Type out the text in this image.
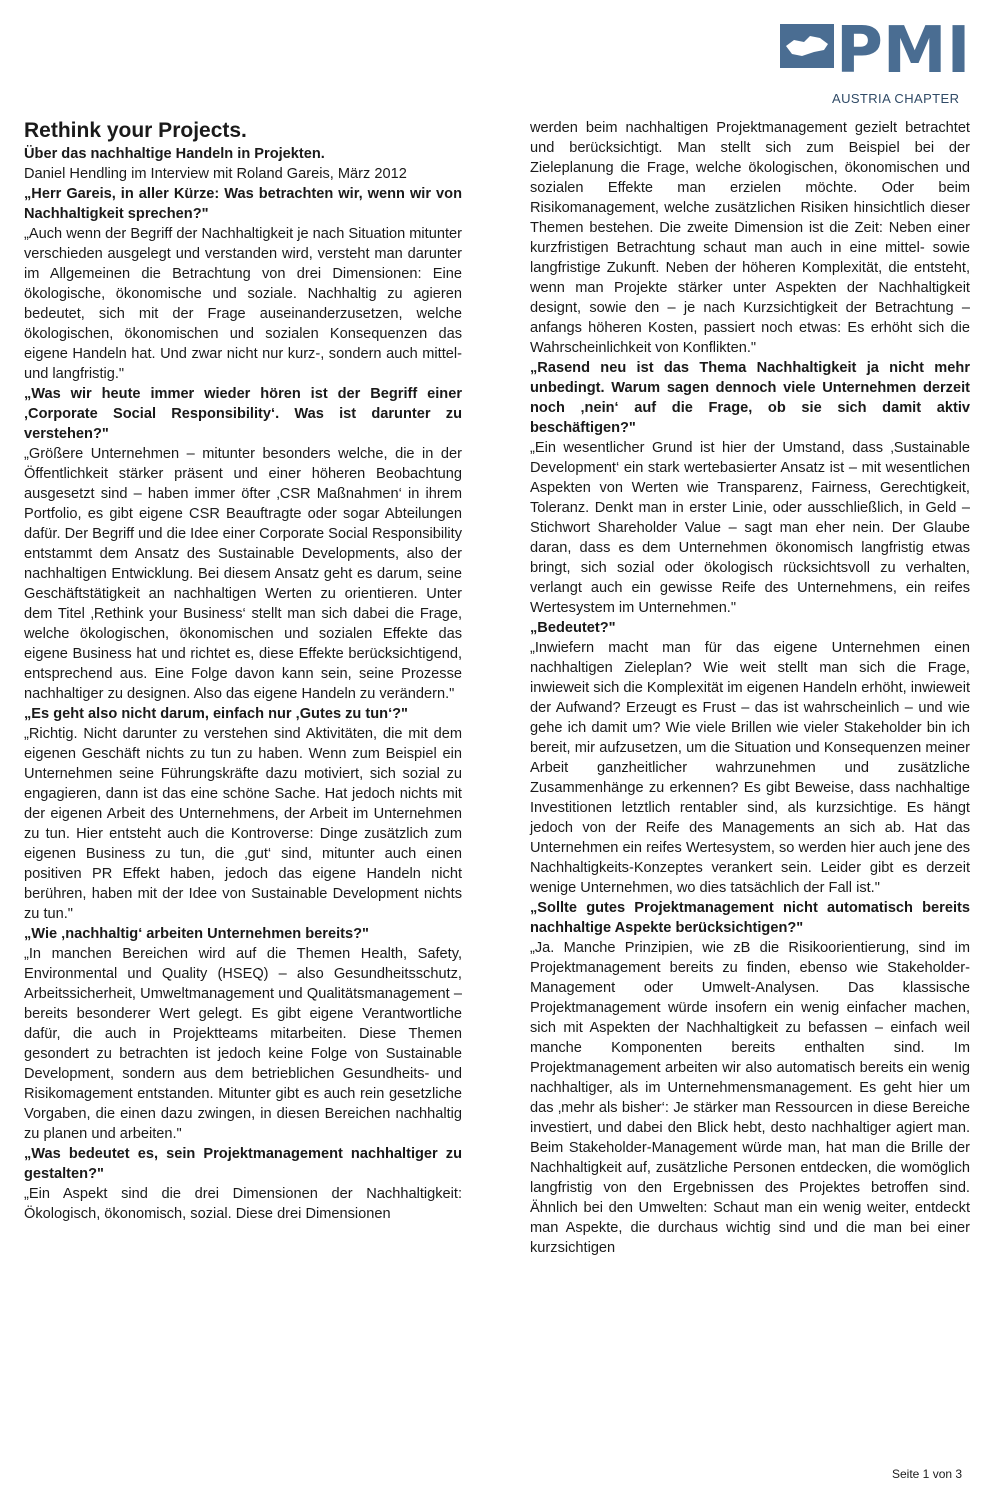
PMI
AUSTRIA CHAPTER

Rethink your Projects.

Über das nachhaltige Handeln in Projekten.

Daniel Hendling im Interview mit Roland Gareis, März 2012

„Herr Gareis, in aller Kürze: Was betrachten wir, wenn wir von Nachhaltigkeit sprechen?"

„Auch wenn der Begriff der Nachhaltigkeit je nach Situation mitunter verschieden ausgelegt und verstanden wird, versteht man darunter im Allgemeinen die Betrachtung von drei Dimensionen: Eine ökologische, ökonomische und soziale. Nachhaltig zu agieren bedeutet, sich mit der Frage auseinanderzusetzen, welche ökologischen, ökonomischen und sozialen Konsequenzen das eigene Handeln hat. Und zwar nicht nur kurz-, sondern auch mittel- und langfristig."

„Was wir heute immer wieder hören ist der Begriff einer ‚Corporate Social Responsibility‘. Was ist darunter zu verstehen?"

„Größere Unternehmen – mitunter besonders welche, die in der Öffentlichkeit stärker präsent und einer höheren Beobachtung ausgesetzt sind – haben immer öfter ‚CSR Maßnahmen‘ in ihrem Portfolio, es gibt eigene CSR Beauftragte oder sogar Abteilungen dafür. Der Begriff und die Idee einer Corporate Social Responsibility entstammt dem Ansatz des Sustainable Developments, also der nachhaltigen Entwicklung. Bei diesem Ansatz geht es darum, seine Geschäftstätigkeit an nachhaltigen Werten zu orientieren. Unter dem Titel ‚Rethink your Business‘ stellt man sich dabei die Frage, welche ökologischen, ökonomischen und sozialen Effekte das eigene Business hat und richtet es, diese Effekte berücksichtigend, entsprechend aus. Eine Folge davon kann sein, seine Prozesse nachhaltiger zu designen. Also das eigene Handeln zu verändern."

„Es geht also nicht darum, einfach nur ‚Gutes zu tun‘?"

„Richtig. Nicht darunter zu verstehen sind Aktivitäten, die mit dem eigenen Geschäft nichts zu tun zu haben. Wenn zum Beispiel ein Unternehmen seine Führungskräfte dazu motiviert, sich sozial zu engagieren, dann ist das eine schöne Sache. Hat jedoch nichts mit der eigenen Arbeit des Unternehmens, der Arbeit im Unternehmen zu tun. Hier entsteht auch die Kontroverse: Dinge zusätzlich zum eigenen Business zu tun, die ‚gut‘ sind, mitunter auch einen positiven PR Effekt haben, jedoch das eigene Handeln nicht berühren, haben mit der Idee von Sustainable Development nichts zu tun."

„Wie ‚nachhaltig‘ arbeiten Unternehmen bereits?"

„In manchen Bereichen wird auf die Themen Health, Safety, Environmental und Quality (HSEQ) – also Gesundheitsschutz, Arbeitssicherheit, Umweltmanagement und Qualitätsmanagement – bereits besonderer Wert gelegt. Es gibt eigene Verantwortliche dafür, die auch in Projektteams mitarbeiten. Diese Themen gesondert zu betrachten ist jedoch keine Folge von Sustainable Development, sondern aus dem betrieblichen Gesundheits- und Risikomagement entstanden. Mitunter gibt es auch rein gesetzliche Vorgaben, die einen dazu zwingen, in diesen Bereichen nachhaltig zu planen und arbeiten."

„Was bedeutet es, sein Projektmanagement nachhaltiger zu gestalten?"

„Ein Aspekt sind die drei Dimensionen der Nachhaltigkeit: Ökologisch, ökonomisch, sozial. Diese drei Dimensionen

werden beim nachhaltigen Projektmanagement gezielt betrachtet und berücksichtigt. Man stellt sich zum Beispiel bei der Zieleplanung die Frage, welche ökologischen, ökonomischen und sozialen Effekte man erzielen möchte. Oder beim Risikomanagement, welche zusätzlichen Risiken hinsichtlich dieser Themen bestehen. Die zweite Dimension ist die Zeit: Neben einer kurzfristigen Betrachtung schaut man auch in eine mittel- sowie langfristige Zukunft. Neben der höheren Komplexität, die entsteht, wenn man Projekte stärker unter Aspekten der Nachhaltigkeit designt, sowie den – je nach Kurzsichtigkeit der Betrachtung – anfangs höheren Kosten, passiert noch etwas: Es erhöht sich die Wahrscheinlichkeit von Konflikten."

„Rasend neu ist das Thema Nachhaltigkeit ja nicht mehr unbedingt. Warum sagen dennoch viele Unternehmen derzeit noch ‚nein‘ auf die Frage, ob sie sich damit aktiv beschäftigen?"

„Ein wesentlicher Grund ist hier der Umstand, dass ‚Sustainable Development‘ ein stark wertebasierter Ansatz ist – mit wesentlichen Aspekten von Werten wie Transparenz, Fairness, Gerechtigkeit, Toleranz. Denkt man in erster Linie, oder ausschließlich, in Geld – Stichwort Shareholder Value – sagt man eher nein. Der Glaube daran, dass es dem Unternehmen ökonomisch langfristig etwas bringt, sich sozial oder ökologisch rücksichtsvoll zu verhalten, verlangt auch ein gewisse Reife des Unternehmens, ein reifes Wertesystem im Unternehmen."

„Bedeutet?"

„Inwiefern macht man für das eigene Unternehmen einen nachhaltigen Zieleplan? Wie weit stellt man sich die Frage, inwieweit sich die Komplexität im eigenen Handeln erhöht, inwieweit der Aufwand? Erzeugt es Frust – das ist wahrscheinlich – und wie gehe ich damit um? Wie viele Brillen wie vieler Stakeholder bin ich bereit, mir aufzusetzen, um die Situation und Konsequenzen meiner Arbeit ganzheitlicher wahrzunehmen und zusätzliche Zusammenhänge zu erkennen? Es gibt Beweise, dass nachhaltige Investitionen letztlich rentabler sind, als kurzsichtige. Es hängt jedoch von der Reife des Managements an sich ab. Hat das Unternehmen ein reifes Wertesystem, so werden hier auch jene des Nachhaltigkeits-Konzeptes verankert sein. Leider gibt es derzeit wenige Unternehmen, wo dies tatsächlich der Fall ist."

„Sollte gutes Projektmanagement nicht automatisch bereits nachhaltige Aspekte berücksichtigen?"

„Ja. Manche Prinzipien, wie zB die Risikoorientierung, sind im Projektmanagement bereits zu finden, ebenso wie Stakeholder-Management oder Umwelt-Analysen. Das klassische Projektmanagement würde insofern ein wenig einfacher machen, sich mit Aspekten der Nachhaltigkeit zu befassen – einfach weil manche Komponenten bereits enthalten sind. Im Projektmanagement arbeiten wir also automatisch bereits ein wenig nachhaltiger, als im Unternehmensmanagement. Es geht hier um das ‚mehr als bisher‘: Je stärker man Ressourcen in diese Bereiche investiert, und dabei den Blick hebt, desto nachhaltiger agiert man. Beim Stakeholder-Management würde man, hat man die Brille der Nachhaltigkeit auf, zusätzliche Personen entdecken, die womöglich langfristig von den Ergebnissen des Projektes betroffen sind. Ähnlich bei den Umwelten: Schaut man ein wenig weiter, entdeckt man Aspekte, die durchaus wichtig sind und die man bei einer kurzsichtigen

Seite 1 von 3
